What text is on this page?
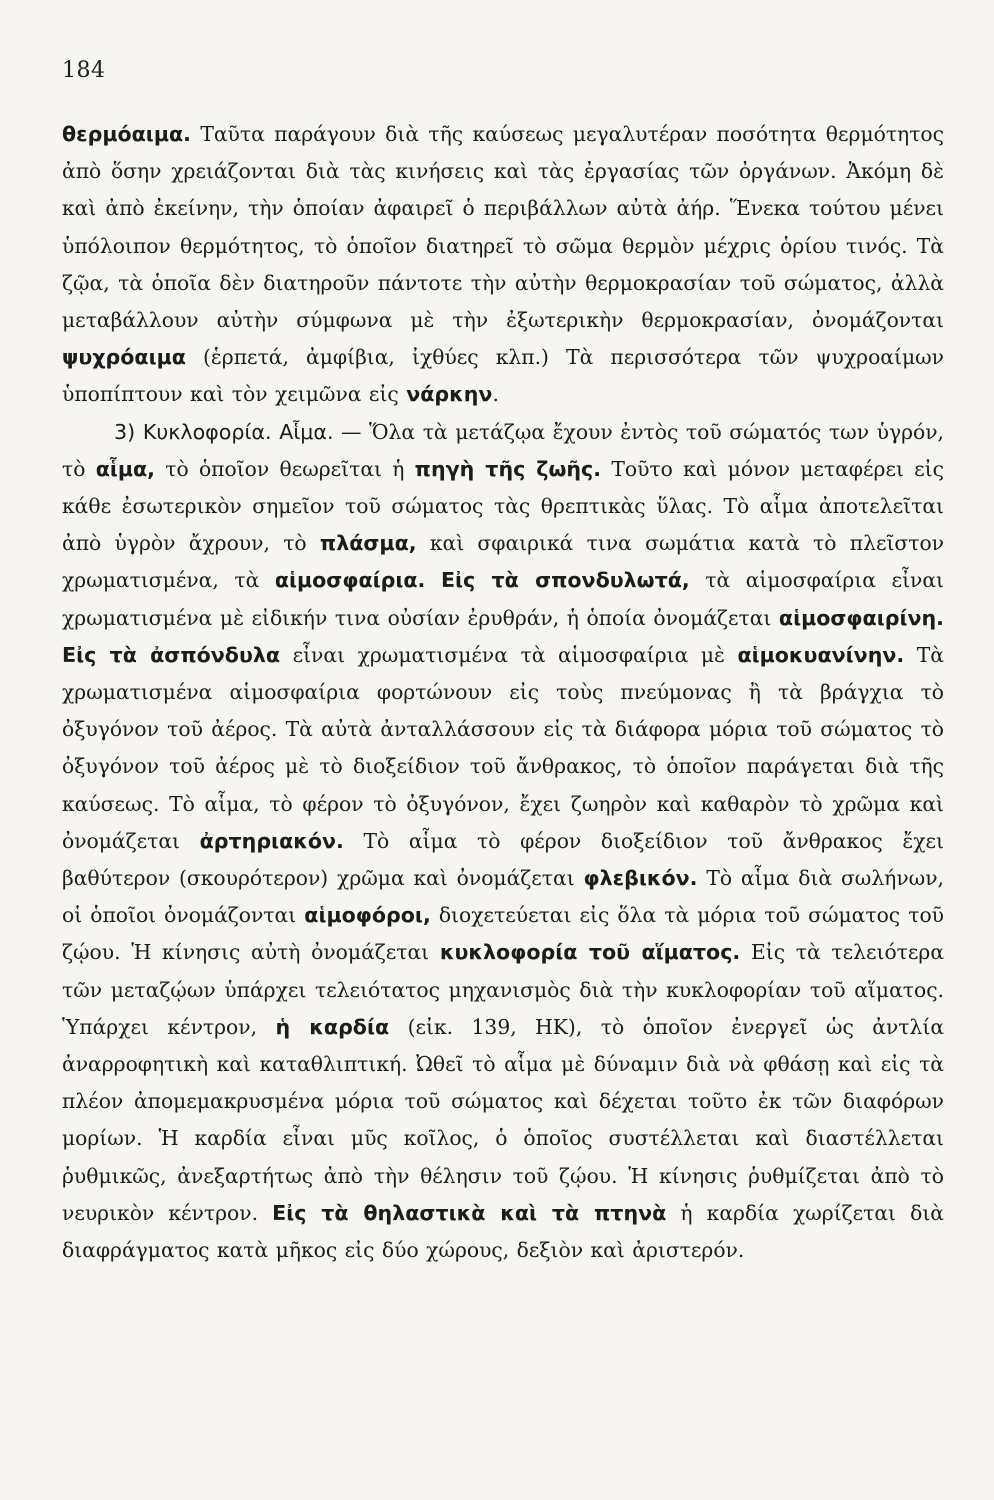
184
θερμόαιμα. Ταῦτα παράγουν διὰ τῆς καύσεως μεγαλυτέραν ποσότητα θερμότητος ἀπὸ ὅσην χρειάζονται διὰ τὰς κινήσεις καὶ τὰς ἐργασίας τῶν ὀργάνων. Ἀκόμη δὲ καὶ ἀπὸ ἐκείνην, τὴν ὁποίαν ἀφαιρεῖ ὁ περιβάλλων αὐτὰ ἀήρ. Ἕνεκα τούτου μένει ὑπόλοιπον θερμότητος, τὸ ὁποῖον διατηρεῖ τὸ σῶμα θερμὸν μέχρις ὁρίου τινός. Τὰ ζῷα, τὰ ὁποῖα δὲν διατηροῦν πάντοτε τὴν αὐτὴν θερμοκρασίαν τοῦ σώματος, ἀλλὰ μεταβάλλουν αὐτὴν σύμφωνα μὲ τὴν ἐξωτερικὴν θερμοκρασίαν, ὀνομάζονται ψυχρόαιμα (ἑρπετά, ἀμφίβια, ἰχθύες κλπ.) Τὰ περισσότερα τῶν ψυχροαίμων ὑποπίπτουν καὶ τὸν χειμῶνα εἰς νάρκην.
3) Κυκλοφορία. Αἷμα. — Ὅλα τὰ μετάζῳα ἔχουν ἐντὸς τοῦ σώματός των ὑγρόν, τὸ αἷμα, τὸ ὁποῖον θεωρεῖται ἡ πηγὴ τῆς ζωῆς. Τοῦτο καὶ μόνον μεταφέρει εἰς κάθε ἐσωτερικὸν σημεῖον τοῦ σώματος τὰς θρεπτικὰς ὕλας. Τὸ αἷμα ἀποτελεῖται ἀπὸ ὑγρὸν ἄχρουν, τὸ πλάσμα, καὶ σφαιρικά τινα σωμάτια κατὰ τὸ πλεῖστον χρωματισμένα, τὰ αἱμοσφαίρια. Εἰς τὰ σπονδυλωτά, τὰ αἱμοσφαίρια εἶναι χρωματισμένα μὲ εἰδικήν τινα οὐσίαν ἐρυθράν, ἡ ὁποία ὀνομάζεται αἱμοσφαιρίνη. Εἰς τὰ ἀσπόνδυλα εἶναι χρωματισμένα τὰ αἱμοσφαίρια μὲ αἱμοκυανίνην. Τὰ χρωματισμένα αἱμοσφαίρια φορτώνουν εἰς τοὺς πνεύμονας ἢ τὰ βράγχια τὸ ὀξυγόνον τοῦ ἀέρος. Τὰ αὐτὰ ἀνταλλάσσουν εἰς τὰ διάφορα μόρια τοῦ σώματος τὸ ὀξυγόνον τοῦ ἀέρος μὲ τὸ διοξείδιον τοῦ ἄνθρακος, τὸ ὁποῖον παράγεται διὰ τῆς καύσεως. Τὸ αἷμα, τὸ φέρον τὸ ὀξυγόνον, ἔχει ζωηρὸν καὶ καθαρὸν τὸ χρῶμα καὶ ὀνομάζεται ἀρτηριακόν. Τὸ αἷμα τὸ φέρον διοξείδιον τοῦ ἄνθρακος ἔχει βαθύτερον (σκουρότερον) χρῶμα καὶ ὀνομάζεται φλεβικόν. Τὸ αἷμα διὰ σωλήνων, οἱ ὁποῖοι ὀνομάζονται αἱμοφόροι, διοχετεύεται εἰς ὅλα τὰ μόρια τοῦ σώματος τοῦ ζῴου. Ἡ κίνησις αὐτὴ ὀνομάζεται κυκλοφορία τοῦ αἵματος. Εἰς τὰ τελειότερα τῶν μεταζῴων ὑπάρχει τελειότατος μηχανισμὸς διὰ τὴν κυκλοφορίαν τοῦ αἵματος. Ὑπάρχει κέντρον, ἡ καρδία (εἰκ. 139, ΗΚ), τὸ ὁποῖον ἐνεργεῖ ὡς ἀντλία ἀναρροφητικὴ καὶ καταθλιπτική. Ὠθεῖ τὸ αἷμα μὲ δύναμιν διὰ νὰ φθάσῃ καὶ εἰς τὰ πλέον ἀπομεμακρυσμένα μόρια τοῦ σώματος καὶ δέχεται τοῦτο ἐκ τῶν διαφόρων μορίων. Ἡ καρδία εἶναι μῦς κοῖλος, ὁ ὁποῖος συστέλλεται καὶ διαστέλλεται ῥυθμικῶς, ἀνεξαρτήτως ἀπὸ τὴν θέλησιν τοῦ ζῴου. Ἡ κίνησις ῥυθμίζεται ἀπὸ τὸ νευρικὸν κέντρον. Εἰς τὰ θηλαστικὰ καὶ τὰ πτηνὰ ἡ καρδία χωρίζεται διὰ διαφράγματος κατὰ μῆκος εἰς δύο χώρους, δεξιὸν καὶ ἀριστερόν.
